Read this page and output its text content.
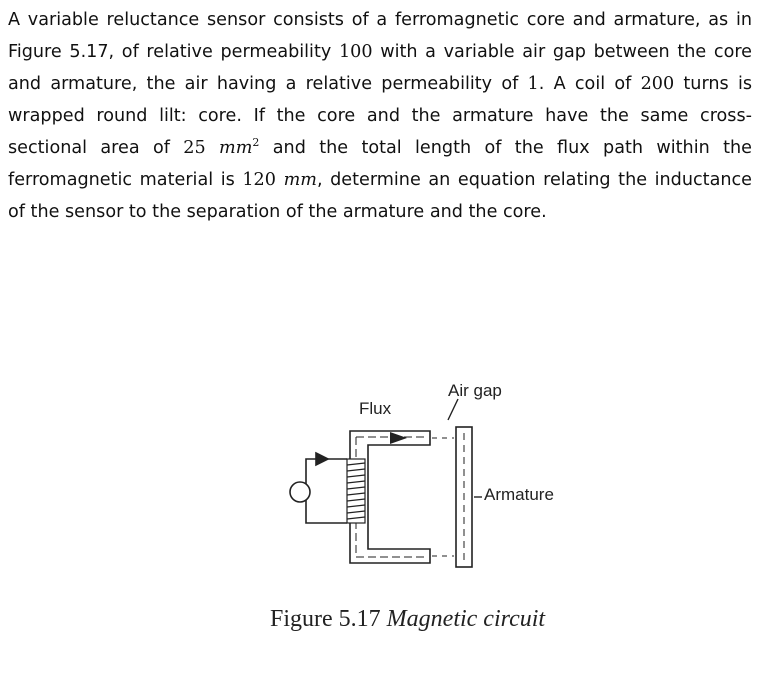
A variable reluctance sensor consists of a ferromagnetic core and armature, as in Figure 5.17, of relative permeability 100 with a variable air gap between the core and armature, the air having a relative permeability of 1. A coil of 200 turns is wrapped round lilt: core. If the core and the armature have the same cross-sectional area of 25 $mm^2$ and the total length of the flux path within the ferromagnetic material is 120 mm, determine an equation relating the inductance of the sensor to the separation of the armature and the core.

Air gap
Flux
Armature

Figure 5.17 Magnetic circuit
